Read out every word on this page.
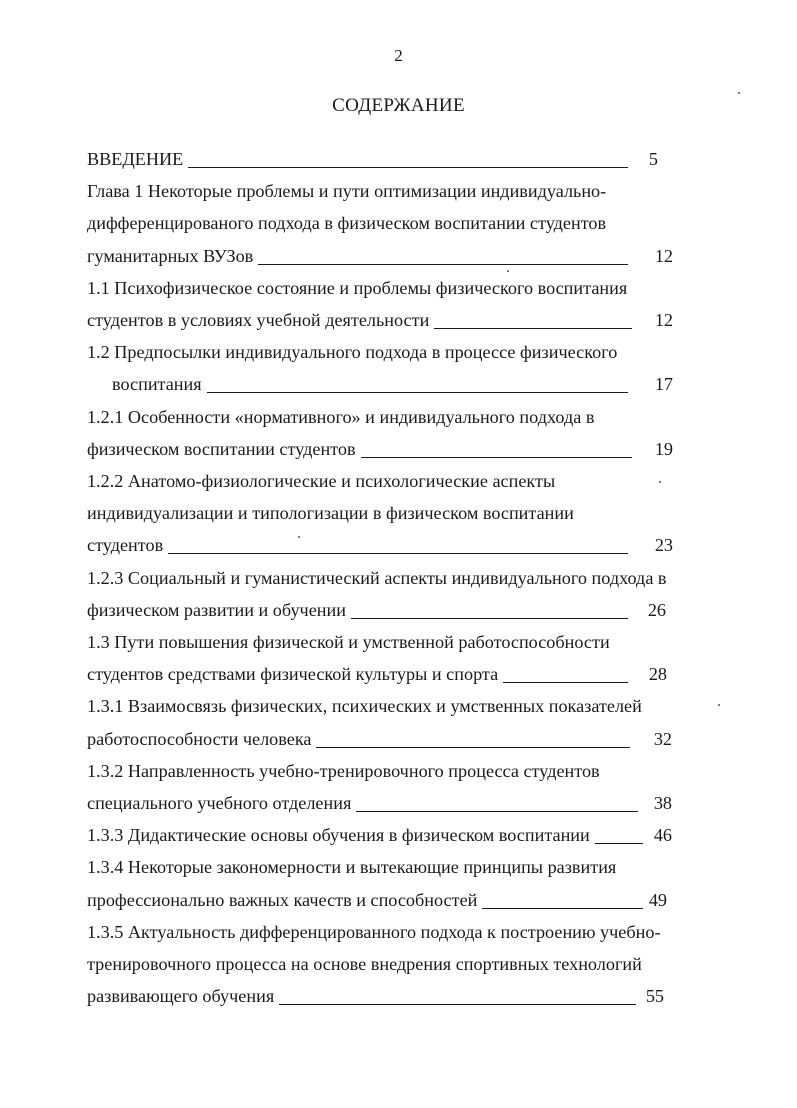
2
СОДЕРЖАНИЕ
ВВЕДЕНИЕ	5
Глава 1 Некоторые проблемы и пути оптимизации индивидуально-
дифференцированого подхода в физическом воспитании студентов
гуманитарных ВУЗов	12
1.1 Психофизическое состояние и проблемы физического воспитания
студентов в условиях учебной деятельности	12
1.2 Предпосылки индивидуального подхода в процессе физического
воспитания	17
1.2.1 Особенности «нормативного» и индивидуального подхода в
физическом воспитании студентов	19
1.2.2 Анатомо-физиологические и психологические аспекты
индивидуализации и типологизации в физическом воспитании
студентов	23
1.2.3 Социальный и гуманистический аспекты индивидуального подхода в
физическом развитии и обучении	26
1.3 Пути повышения физической и умственной работоспособности
студентов средствами физической культуры и спорта	28
1.3.1 Взаимосвязь физических, психических и умственных показателей
работоспособности человека	32
1.3.2 Направленность учебно-тренировочного процесса студентов
специального учебного отделения	38
1.3.3 Дидактические основы обучения в физическом воспитании	46
1.3.4 Некоторые закономерности и вытекающие принципы развития
профессионально важных качеств и способностей	49
1.3.5 Актуальность дифференцированного подхода к построению учебно-
тренировочного процесса на основе внедрения спортивных технологий
развивающего обучения	55
